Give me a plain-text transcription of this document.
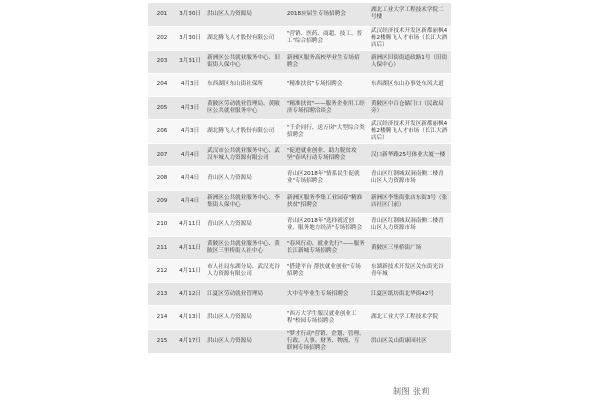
201	3月30日	洪山区人力资源局	2018应届生专场招聘会	湖北工业大学工程技术学院二号楼
202	3月30日	湖北腾飞人才股份有限公司	"营销、医药、商超、技工、普工"综合招聘会	武汉经济技术开发区新都丽枫4栋2楼腾飞人才市场（长江大酒店后）
203	3月31日	新洲区公共就业服务中心、旧街街人保中心	新洲区服务高校毕业生专场招聘会	新洲区旧街街道政路1号（旧街人保中心）
204	4月3日	东西湖区东山街社保所	"精准扶贫"专场招聘会	东西湖区东山办事处东风大道
205	4月3日	黄陂区劳动就业管理局、黄陂区公共就业服务中心	"精准扶贫"——服务企业用工经济专场招聘洽谈会	黄陂区中百仓储门口（民政局旁）
206	4月3日	湖北腾飞人才股份有限公司	"千企同行、送万岗"大型综合类招聘会	武汉经济技术开发区新都丽枫4栋2楼腾飞人才市场（长江大酒店后）
207	4月4日	武汉市公共就业服务中心、武汉车城人力资源有限公司	"促进就业创业、助力脱贫攻坚"春风行动专场招聘会	汉口新华路25号体业大厦一楼
208	4月4日	青山区人力资源局	青山区2018年"情系民生促就业"专场招聘会	青山区红钢城双洞南侧二楼青山区人力资源市场
209	4月4日	新洲区公共就业服务中心、李集街人保中心	新洲区服务李集工业园春"精准扶贫"招聘会	新洲区李集街张店东街3号（张店社区门前）
210	4月11日	青山区人力资源局	青山区2018年"选择就近创业、服务地方经济"专场招聘会	青山区红钢城双洞南侧二楼青山区人力资源市场
211	4月11日	黄陂区公共就业服务中心、黄陂区三里桥街人社中心	"春风行动、就业先行"——服务长江新城专场招聘会	黄陂区三里桥街广场
212	4月11日	市人社局东湖分局、武汉光谷人力资源有限公司	"搭建平台 帮扶就业创业"专场招聘会	东湖新技术开发区关东街光谷青年城
213	4月12日	江夏区劳动就业管理局	大中专毕业生专场招聘会	江夏区纸坊街北华街42号
214	4月13日	洪山区人力资源局	"西万大学生服汉就业创业工程"校园专场招聘会	湖北工业大学工程技术学院
215	4月17日	洪山区人力资源局	"梦才行动"营销、企划、管理、行政、人事、财务、物流、互联网专场招聘会	洪山区关山街康园社区
制图 张莉
